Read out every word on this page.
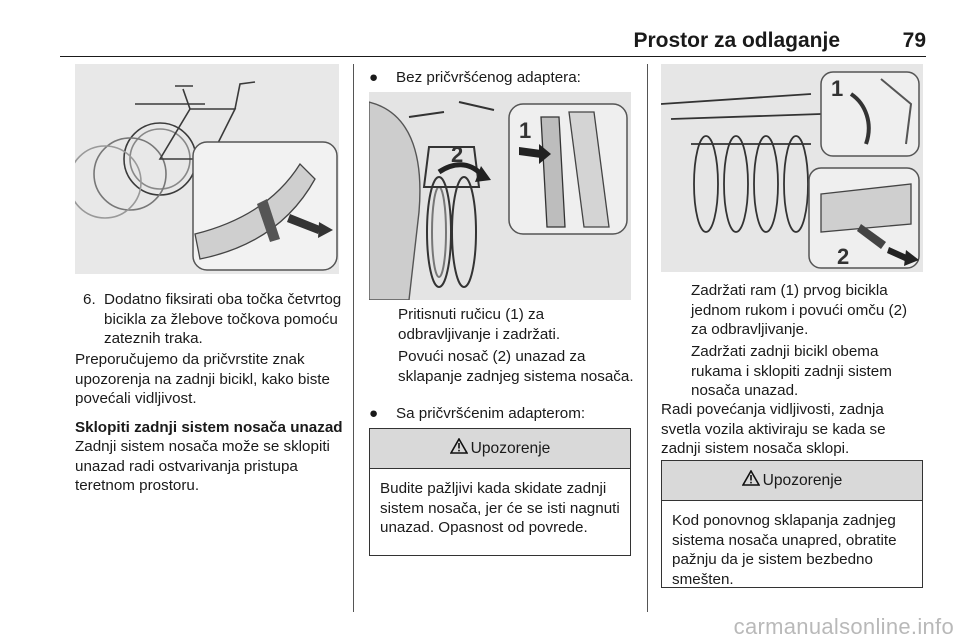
Prostor za odlaganje	79
6. Dodatno fiksirati oba točka četvrtog bicikla za žlebove točkova pomoću zateznih traka.
Preporučujemo da pričvrstite znak upozorenja na zadnji bicikl, kako biste povećali vidljivost.
Sklopiti zadnji sistem nosača unazad
Zadnji sistem nosača može se sklopiti unazad radi ostvarivanja pristupa teretnom prostoru.
●	Bez pričvršćenog adaptera:
2
1
Pritisnuti ručicu (1) za odbravljivanje i zadržati.
Povući nosač (2) unazad za sklapanje zadnjeg sistema nosača.
●	Sa pričvršćenim adapterom:
Upozorenje
Budite pažljivi kada skidate zadnji sistem nosača, jer će se isti nagnuti unazad. Opasnost od povrede.
1
2
Zadržati ram (1) prvog bicikla jednom rukom i povući omču (2) za odbravljivanje.
Zadržati zadnji bicikl obema rukama i sklopiti zadnji sistem nosača unazad.
Radi povećanja vidljivosti, zadnja svetla vozila aktiviraju se kada se zadnji sistem nosača sklopi.
Upozorenje
Kod ponovnog sklapanja zadnjeg sistema nosača unapred, obratite pažnju da je sistem bezbedno smešten.
carmanualsonline.info
